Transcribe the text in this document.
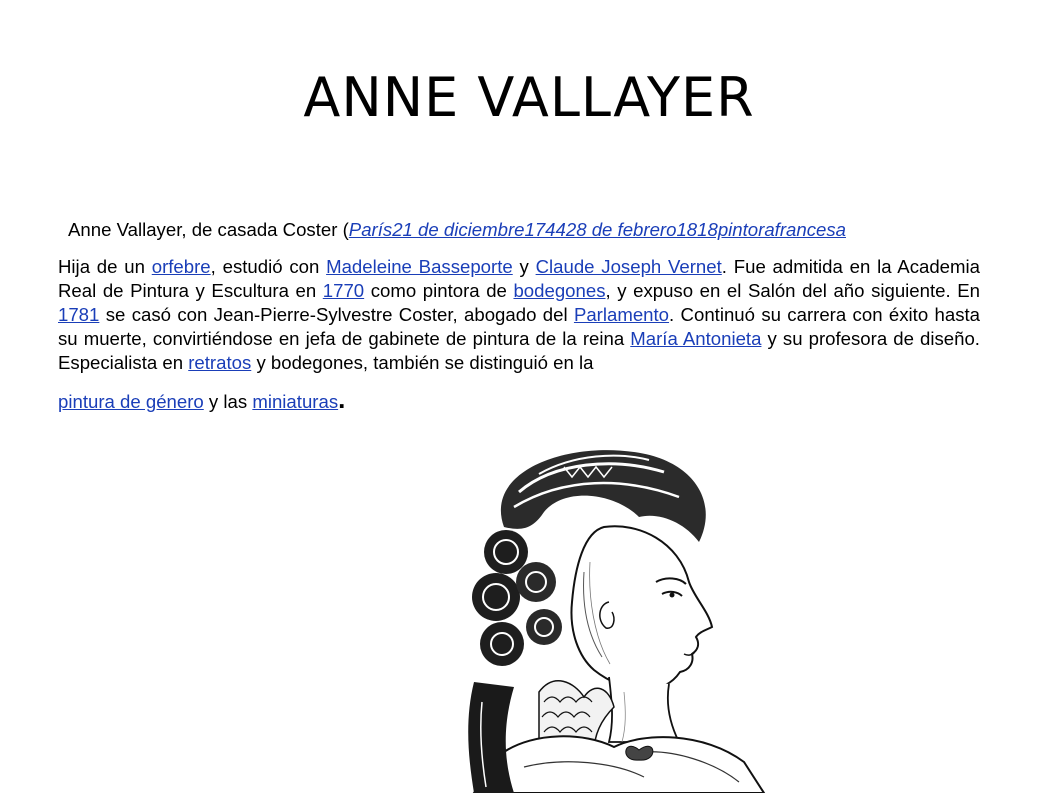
ANNE VALLAYER

Anne Vallayer, de casada Coster (París21 de diciembre174428 de febrero1818pintorafrancesa

Hija de un orfebre, estudió con Madeleine Basseporte y Claude Joseph Vernet. Fue admitida en la Academia Real de Pintura y Escultura en 1770 como pintora de bodegones, y expuso en el Salón del año siguiente. En 1781 se casó con Jean-Pierre-Sylvestre Coster, abogado del Parlamento. Continuó su carrera con éxito hasta su muerte, convirtiéndose en jefa de gabinete de pintura de la reina María Antonieta y su profesora de diseño. Especialista en retratos y bodegones, también se distinguió en la
pintura de género y las miniaturas.
